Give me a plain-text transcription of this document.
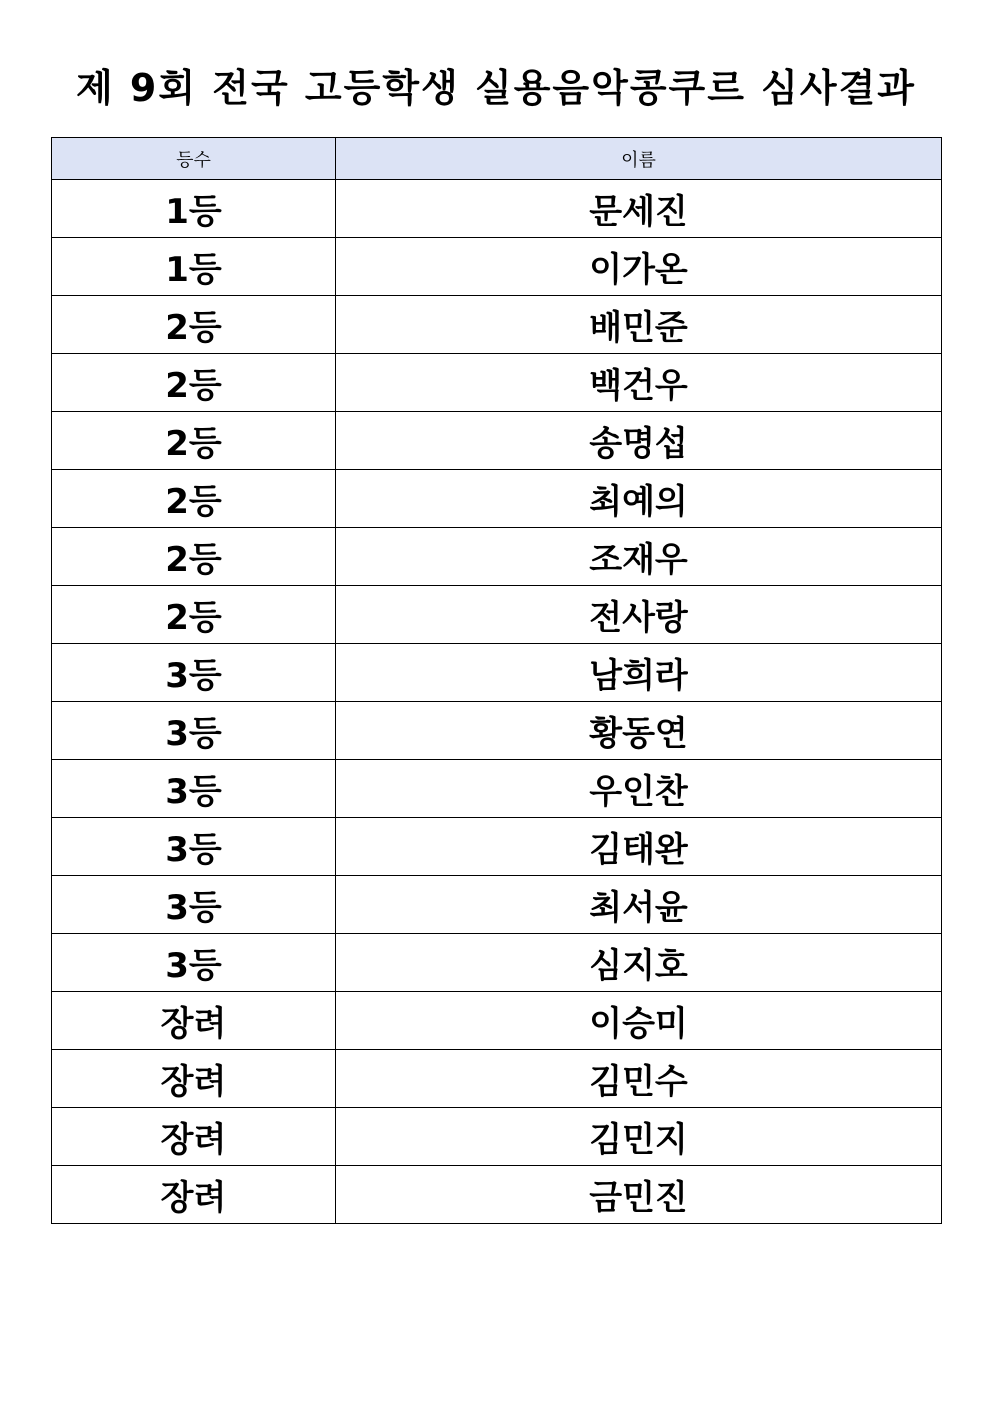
제 9회 전국 고등학생 실용음악콩쿠르 심사결과
등수	이름
1등	문세진
1등	이가온
2등	배민준
2등	백건우
2등	송명섭
2등	최예의
2등	조재우
2등	전사랑
3등	남희라
3등	황동연
3등	우인찬
3등	김태완
3등	최서윤
3등	심지호
장려	이승미
장려	김민수
장려	김민지
장려	금민진
